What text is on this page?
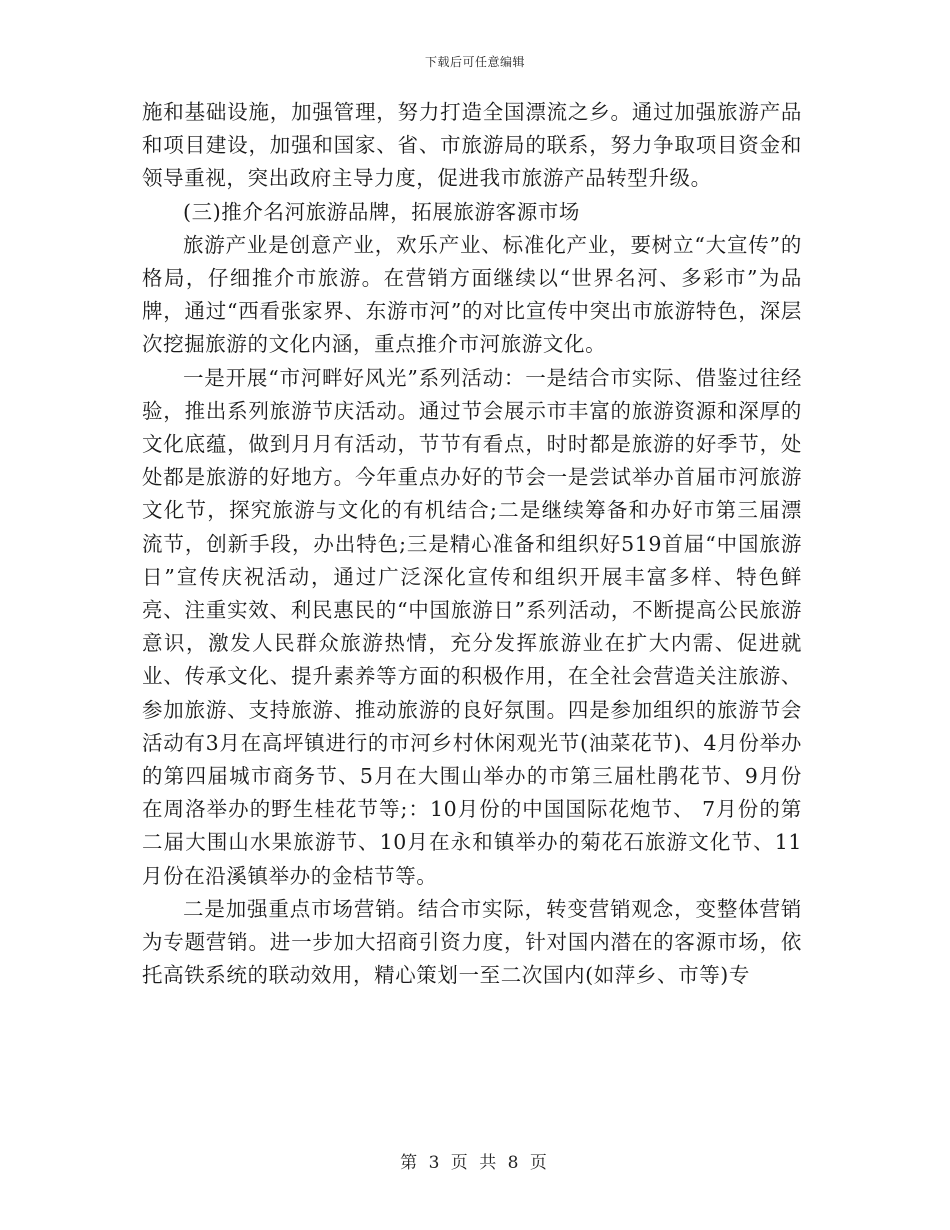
下载后可任意编辑

施和基础设施，加强管理，努力打造全国漂流之乡。通过加强旅游产品和项目建设，加强和国家、省、市旅游局的联系，努力争取项目资金和领导重视，突出政府主导力度，促进我市旅游产品转型升级。

(三)推介名河旅游品牌，拓展旅游客源市场

旅游产业是创意产业，欢乐产业、标准化产业，要树立“大宣传”的格局，仔细推介市旅游。在营销方面继续以“世界名河、多彩市”为品牌，通过“西看张家界、东游市河”的对比宣传中突出市旅游特色，深层次挖掘旅游的文化内涵，重点推介市河旅游文化。

一是开展“市河畔好风光”系列活动：一是结合市实际、借鉴过往经验，推出系列旅游节庆活动。通过节会展示市丰富的旅游资源和深厚的文化底蕴，做到月月有活动，节节有看点，时时都是旅游的好季节，处处都是旅游的好地方。今年重点办好的节会一是尝试举办首届市河旅游文化节，探究旅游与文化的有机结合;二是继续筹备和办好市第三届漂流节，创新手段，办出特色;三是精心准备和组织好519首届“中国旅游日”宣传庆祝活动，通过广泛深化宣传和组织开展丰富多样、特色鲜亮、注重实效、利民惠民的“中国旅游日”系列活动，不断提高公民旅游意识，激发人民群众旅游热情，充分发挥旅游业在扩大内需、促进就业、传承文化、提升素养等方面的积极作用，在全社会营造关注旅游、参加旅游、支持旅游、推动旅游的良好氛围。四是参加组织的旅游节会活动有3月在高坪镇进行的市河乡村休闲观光节(油菜花节)、4月份举办的第四届城市商务节、5月在大围山举办的市第三届杜鹃花节、9月份在周洛举办的野生桂花节等;：10月份的中国国际花炮节、 7月份的第二届大围山水果旅游节、10月在永和镇举办的菊花石旅游文化节、11月份在沿溪镇举办的金桔节等。

二是加强重点市场营销。结合市实际，转变营销观念，变整体营销为专题营销。进一步加大招商引资力度，针对国内潜在的客源市场，依托高铁系统的联动效用，精心策划一至二次国内(如萍乡、市等)专

第 3 页 共 8 页
